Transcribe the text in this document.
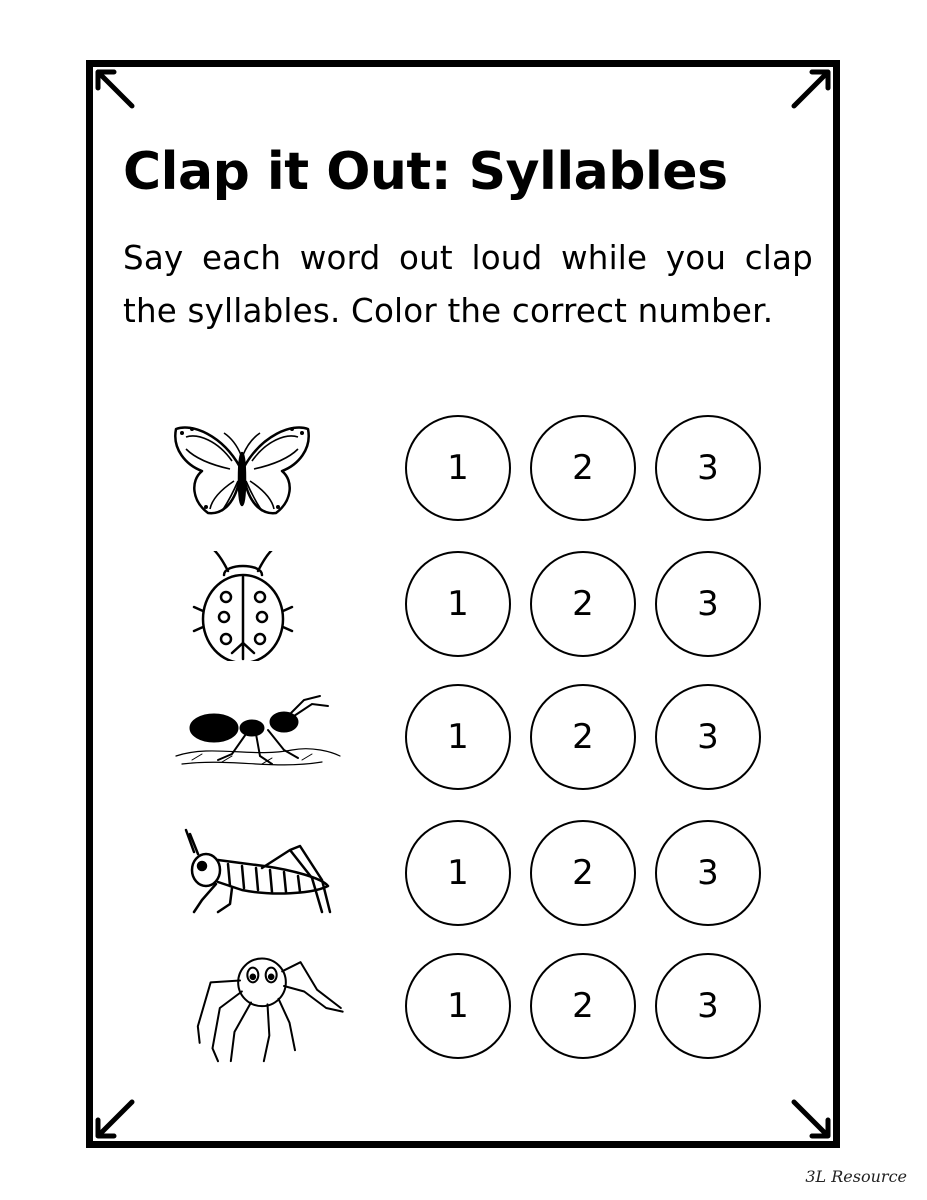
Clap it Out: Syllables

Say each word out loud while you clap the syllables. Color the correct number.

1	2	3
1	2	3
1	2	3
1	2	3
1	2	3
3L Resource
